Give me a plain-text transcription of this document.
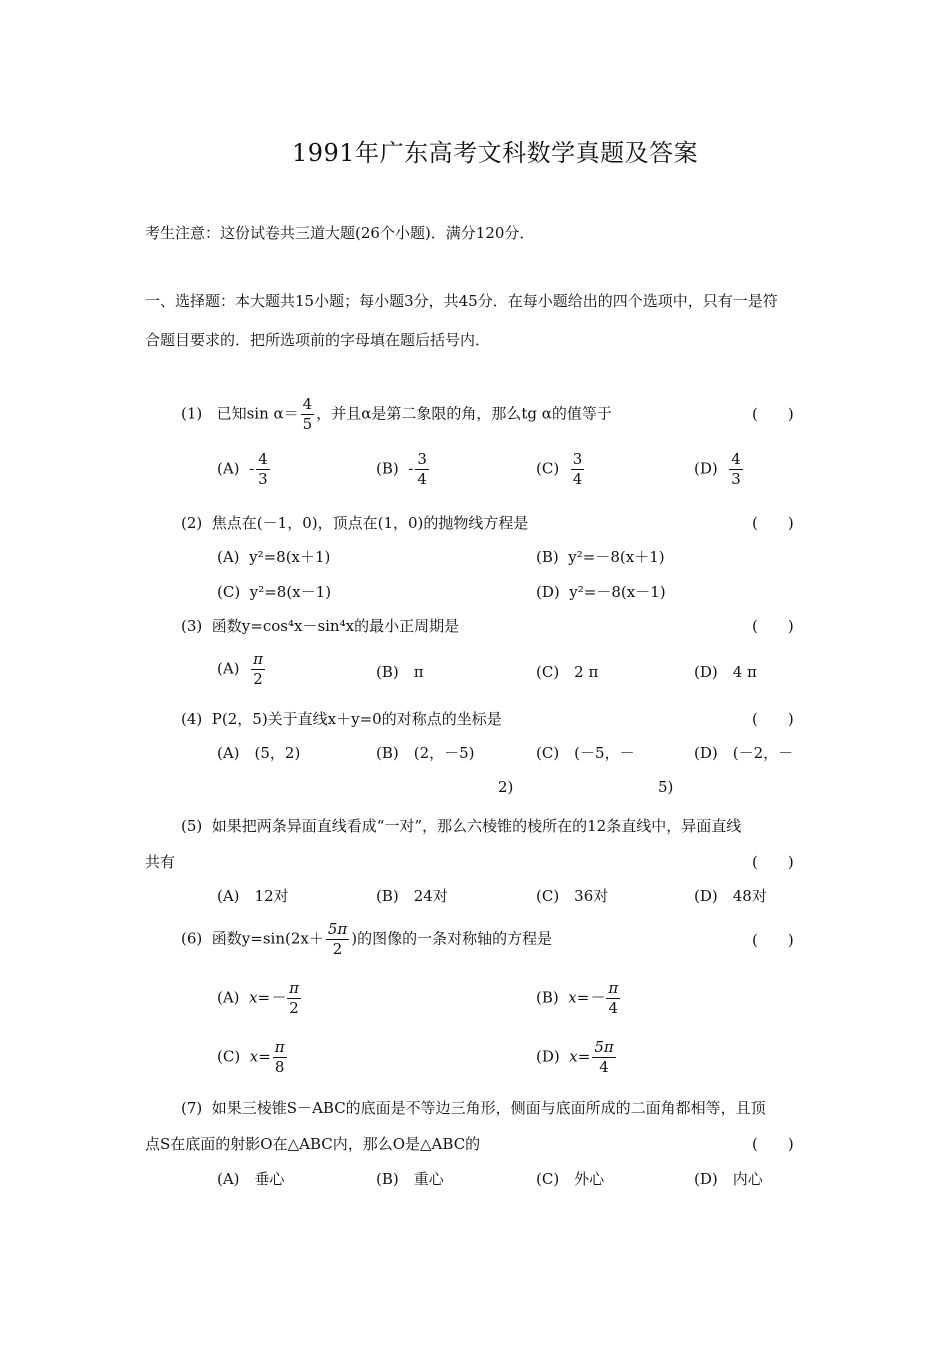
1991年广东高考文科数学真题及答案
考生注意：这份试卷共三道大题(26个小题)．满分120分．
一、选择题：本大题共15小题；每小题3分，共45分．在每小题给出的四个选项中，只有一是符
合题目要求的．把所选项前的字母填在题后括号内．
(1) 已知$\sin \alpha= \frac{4}{5}$ ，并且α是第二象限的角，那么tg α的值等于	(　　)
$(A) - \frac{4}{3}$	$(B) - \frac{3}{4}$	$(C) \frac{3}{4}$	$(D) \frac{4}{3}$
(2) 焦点在(－1，0)，顶点在(1，0)的抛物线方程是	(　　)
(A) y²=8(x＋1)	(B) y²=－8(x＋1)
(C) y²=8(x－1)	(D) y²=－8(x－1)
(3) 函数y=cos⁴x－sin⁴x的最小正周期是	(　　)
$(A) \frac{\pi}{2}$	(B)　π	(C)　2 π	(D)　4 π
(4) P(2，5)关于直线x＋y=0的对称点的坐标是	(　　)
(A)　(5，2)	(B)　(2，－5)	(C)　(－5，－	(D)　(－2，－
2)	5)
(5) 如果把两条异面直线看成“一对”，那么六棱锥的棱所在的12条直线中，异面直线
共有	(　　)
(A)　12对	(B)　24对	(C)　36对	(D)　48对
(6) 函数$y=\sin(2x+ \frac{5\pi}{2}$ )的图像的一条对称轴的方程是	(　　)
(A) $x=- \frac{\pi}{2}$	(B) $x=- \frac{\pi}{4}$
(C) $x= \frac{\pi}{8}$	(D) $x= \frac{5\pi}{4}$
(7) 如果三棱锥S－ABC的底面是不等边三角形，侧面与底面所成的二面角都相等，且顶
点S在底面的射影O在△ABC内，那么O是△ABC的	(　　)
(A)　垂心	(B)　重心	(C)　外心	(D)　内心
